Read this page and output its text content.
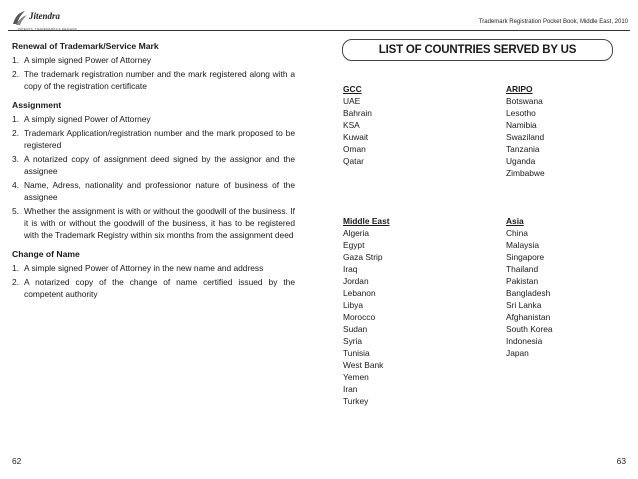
Jitendra
PATENTS, TRADEMARKS & DESIGNS
Trademark Registration Pocket Book, Middle East, 2010

Renewal of Trademark/Service Mark

1. A simple signed Power of Attorney
2. The trademark registration number and the mark registered along with a copy of the registration certificate

Assignment

1. A simply signed Power of Attorney
2. Trademark Application/registration number and the mark proposed to be registered
3. A notarized copy of assignment deed signed by the assignor and the assignee
4. Name, Adress, nationality and professionor nature of business of the assignee
5. Whether the assignment is with or without the goodwill of the business. If it is with or without the goodwill of the business, it has to be registered with the Trademark Registry within six months from the assignment deed

Change of Name

1. A simple signed Power of Attorney in the new name and address
2. A notarized copy of the change of name certified issued by the competent authority
LIST OF COUNTRIES SERVED BY US
GCC
UAE
Bahrain
KSA
Kuwait
Oman
Qatar
ARIPO
Botswana
Lesotho
Namibia
Swaziland
Tanzania
Uganda
Zimbabwe
Middle East
Algeria
Egypt
Gaza Strip
Iraq
Jordan
Lebanon
Libya
Morocco
Sudan
Syria
Tunisia
West Bank
Yemen
Iran
Turkey
Asia
China
Malaysia
Singapore
Thailand
Pakistan
Bangladesh
Sri Lanka
Afghanistan
South Korea
Indonesia
Japan
62	63
